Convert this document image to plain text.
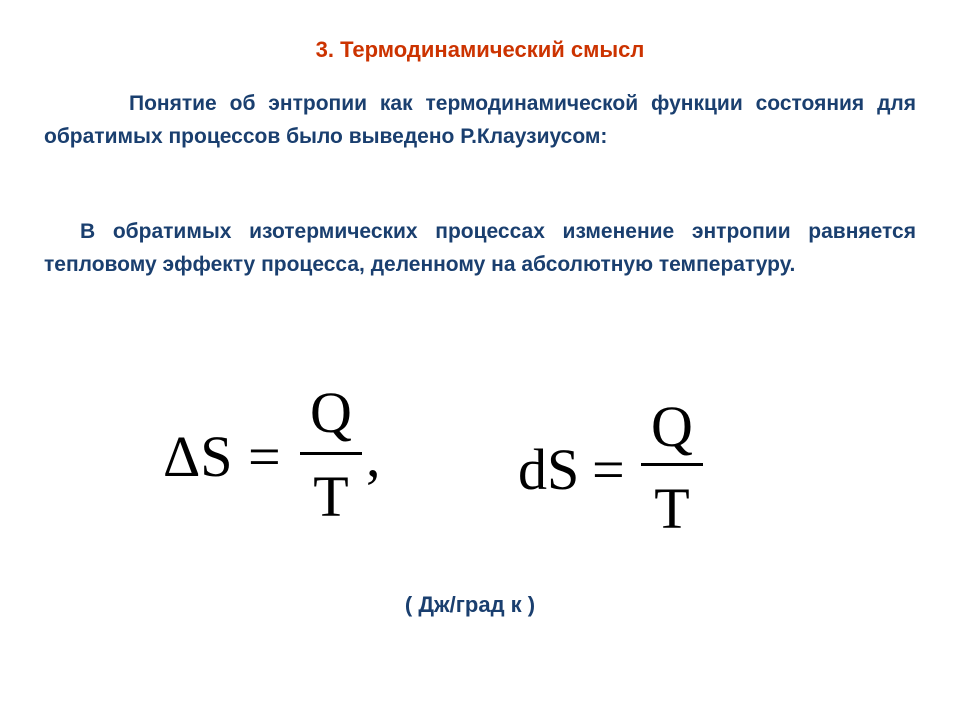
3. Термодинамический смысл
Понятие об энтропии как термодинамической функции состояния для обратимых процессов было выведено Р.Клаузиусом:
В обратимых изотермических процессах изменение энтропии равняется тепловому эффекту процесса, деленному на абсолютную температуру.
ΔS =
Q
T
, dS =
Q
T
( Дж/град к )
